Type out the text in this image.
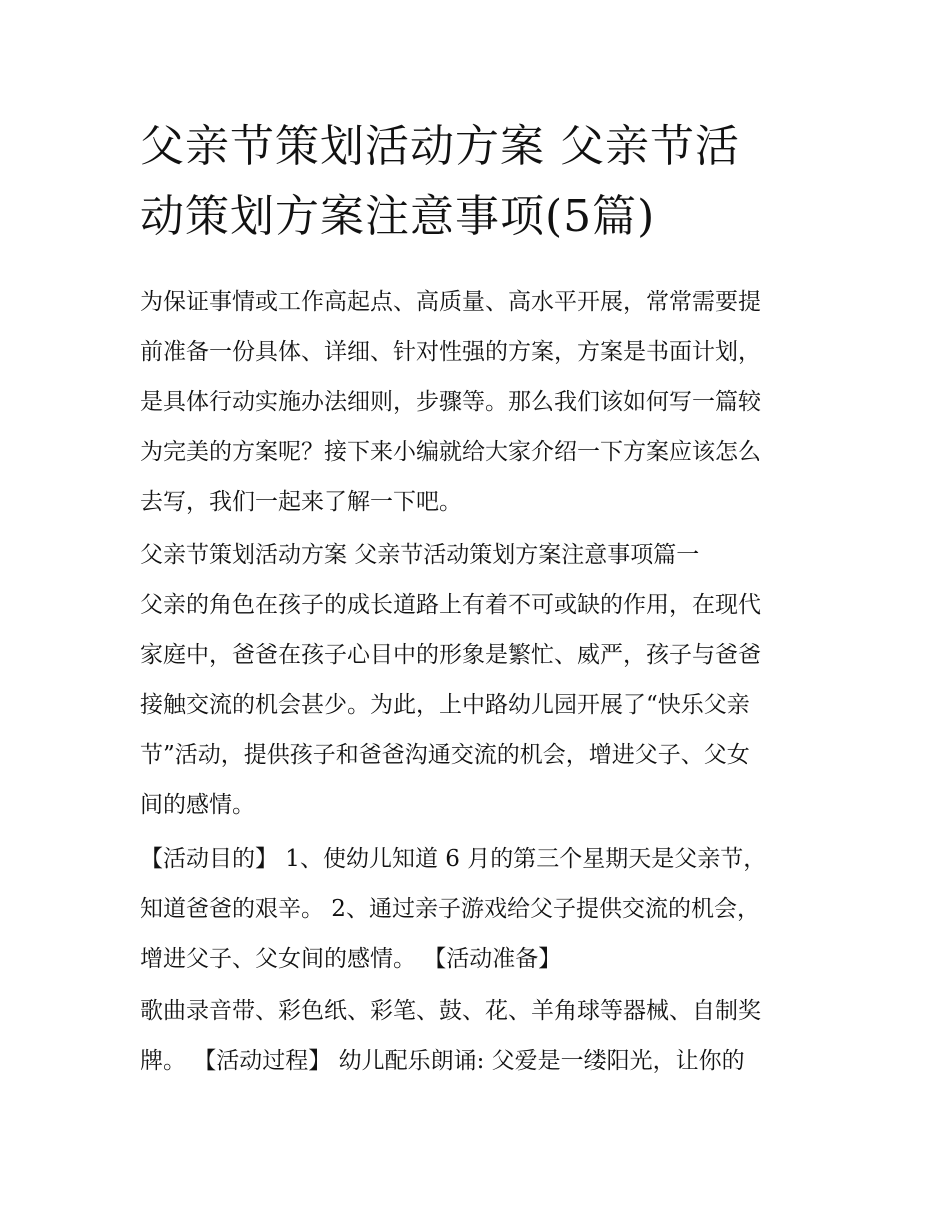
父亲节策划活动方案 父亲节活
动策划方案注意事项(5篇)
为保证事情或工作高起点、高质量、高水平开展，常常需要提
前准备一份具体、详细、针对性强的方案，方案是书面计划，
是具体行动实施办法细则，步骤等。那么我们该如何写一篇较
为完美的方案呢？接下来小编就给大家介绍一下方案应该怎么
去写，我们一起来了解一下吧。
父亲节策划活动方案 父亲节活动策划方案注意事项篇一
父亲的角色在孩子的成长道路上有着不可或缺的作用，在现代
家庭中，爸爸在孩子心目中的形象是繁忙、威严，孩子与爸爸
接触交流的机会甚少。为此，上中路幼儿园开展了“快乐父亲
节”活动，提供孩子和爸爸沟通交流的机会，增进父子、父女
间的感情。
【活动目的】 1、使幼儿知道 6 月的第三个星期天是父亲节，
知道爸爸的艰辛。 2、通过亲子游戏给父子提供交流的机会，
增进父子、父女间的感情。 【活动准备】
歌曲录音带、彩色纸、彩笔、鼓、花、羊角球等器械、自制奖
牌。 【活动过程】 幼儿配乐朗诵: 父爱是一缕阳光，让你的
